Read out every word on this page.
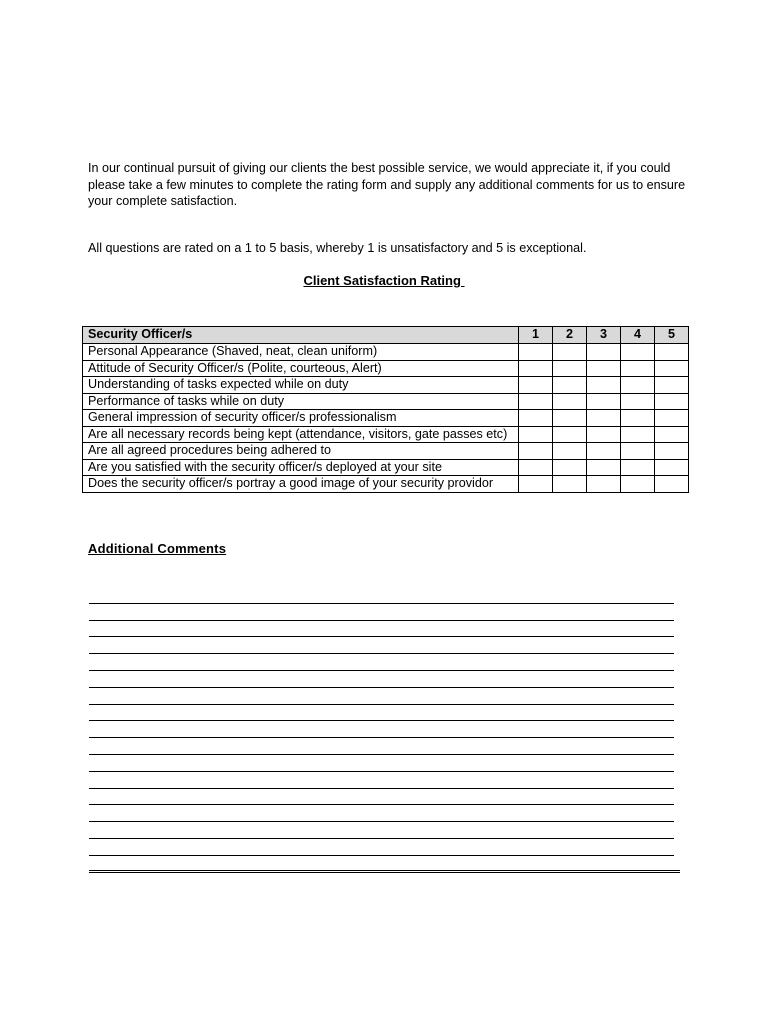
In our continual pursuit of giving our clients the best possible service, we would appreciate it, if you could please take a few minutes to complete the rating form and supply any additional comments for us to ensure your complete satisfaction.

All questions are rated on a 1 to 5 basis, whereby 1 is unsatisfactory and 5 is exceptional.

Client Satisfaction Rating

Security Officer/s	1	2	3	4	5
Personal Appearance (Shaved, neat, clean uniform)					
Attitude of Security Officer/s (Polite, courteous, Alert)					
Understanding of tasks expected while on duty					
Performance of tasks while on duty					
General impression of security officer/s professionalism					
Are all necessary records being kept (attendance, visitors, gate passes etc)					
Are all agreed procedures being adhered to					
Are you satisfied with the security officer/s deployed at your site					
Does the security officer/s portray a good image of your security providor					

Additional Comments
